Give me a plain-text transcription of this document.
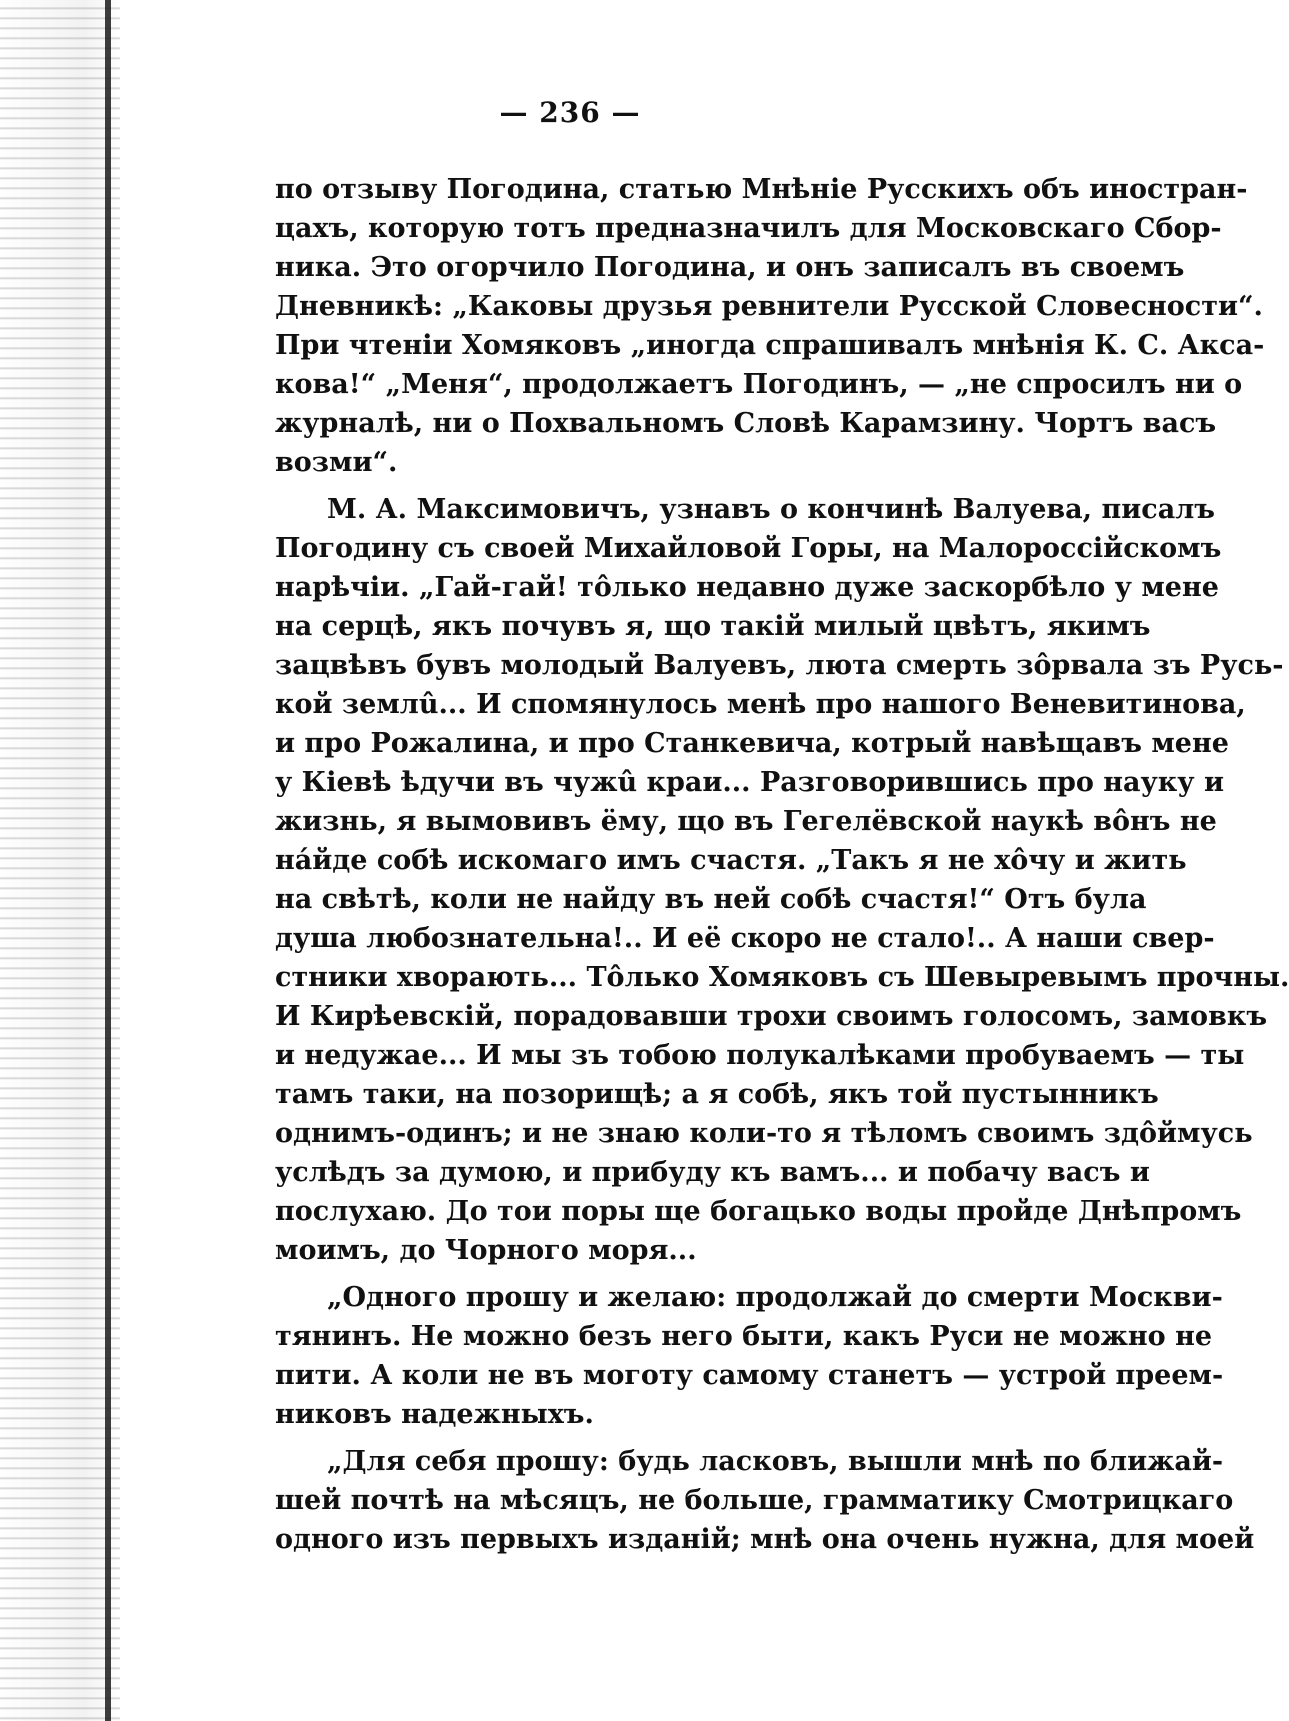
— 236 —
по отзыву Погодина, статью Мнѣніе Русскихъ объ иностран-
цахъ, которую тотъ предназначилъ для Московскаго Сбор-
ника. Это огорчило Погодина, и онъ записалъ въ своемъ
Дневникѣ: „Каковы друзья ревнители Русской Словесности“.
При чтеніи Хомяковъ „иногда спрашивалъ мнѣнія К. С. Акса-
кова!“ „Меня“, продолжаетъ Погодинъ, — „не спросилъ ни о
журналѣ, ни о Похвальномъ Словѣ Карамзину. Чортъ васъ
возми“.
М. А. Максимовичъ, узнавъ о кончинѣ Валуева, писалъ
Погодину съ своей Михайловой Горы, на Малороссійскомъ
нарѣчіи. „Гай-гай! тôлько недавно дуже заскорбѣло у мене
на серцѣ, якъ почувъ я, що такій милый цвѣтъ, якимъ
зацвѣвъ бувъ молодый Валуевъ, люта смерть зôрвала зъ Русь-
кой землû... И спомянулось менѣ про нашого Веневитинова,
и про Рожалина, и про Станкевича, котрый навѣщавъ мене
у Кіевѣ ѣдучи въ чужû краи... Разговорившись про науку и
жизнь, я вымовивъ ёму, що въ Гегелёвской наукѣ вôнъ не
нáйде собѣ искомаго имъ счастя. „Такъ я не хôчу и жить
на свѣтѣ, коли не найду въ ней собѣ счастя!“ Отъ була
душа любознательна!.. И её скоро не стало!.. А наши свер-
стники хворають... Тôлько Хомяковъ съ Шевыревымъ прочны.
И Кирѣевскій, порадовавши трохи своимъ голосомъ, замовкъ
и недужае... И мы зъ тобою полукалѣками пробуваемъ — ты
тамъ таки, на позорищѣ; а я собѣ, якъ той пустынникъ
однимъ-одинъ; и не знаю коли-то я тѣломъ своимъ здôймусь
услѣдъ за думою, и прибуду къ вамъ... и побачу васъ и
послухаю. До тои поры ще богацько воды пройде Днѣпромъ
моимъ, до Чорного моря...
„Одного прошу и желаю: продолжай до смерти Москви-
тянинъ. Не можно безъ него быти, какъ Руси не можно не
пити. А коли не въ моготу самому станетъ — устрой преем-
никовъ надежныхъ.
„Для себя прошу: будь ласковъ, вышли мнѣ по ближай-
шей почтѣ на мѣсяцъ, не больше, грамматику Смотрицкаго
одного изъ первыхъ изданій; мнѣ она очень нужна, для моей
